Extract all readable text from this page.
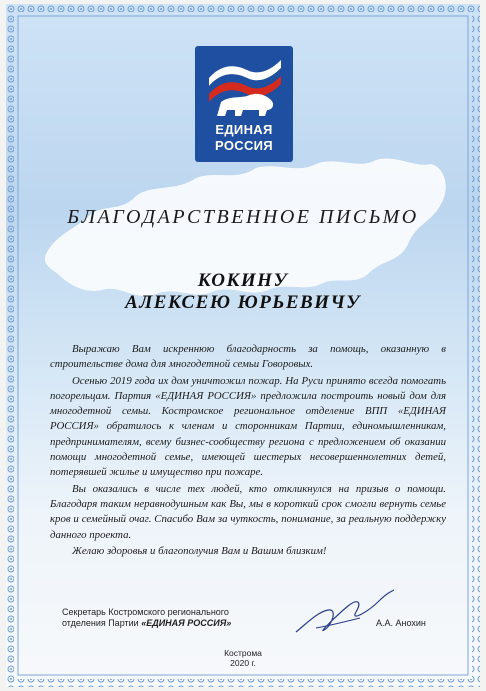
ЕДИНАЯ
РОССИЯ
БЛАГОДАРСТВЕННОЕ ПИСЬМО
КОКИНУ
АЛЕКСЕЮ ЮРЬЕВИЧУ

Выражаю Вам искреннюю благодарность за помощь, оказанную в строительстве дома для многодетной семьи Говоровых.

Осенью 2019 года их дом уничтожил пожар. На Руси принято всегда помогать погорельцам. Партия «ЕДИНАЯ РОССИЯ» предложила построить новый дом для многодетной семьи. Костромское региональное отделение ВПП «ЕДИНАЯ РОССИЯ» обратилось к членам и сторонникам Партии, единомышленникам, предпринимателям, всему бизнес-сообществу региона с предложением об оказании помощи многодетной семье, имеющей шестерых несовершеннолетних детей, потерявшей жилье и имущество при пожаре.

Вы оказались в числе тех людей, кто откликнулся на призыв о помощи. Благодаря таким неравнодушным как Вы, мы в короткий срок смогли вернуть семье кров и семейный очаг. Спасибо Вам за чуткость, понимание, за реальную поддержку данного проекта.

Желаю здоровья и благополучия Вам и Вашим близким!

Секретарь Костромского регионального
отделения Партии «ЕДИНАЯ РОССИЯ»	А.А. Анохин
Кострома
2020 г.
